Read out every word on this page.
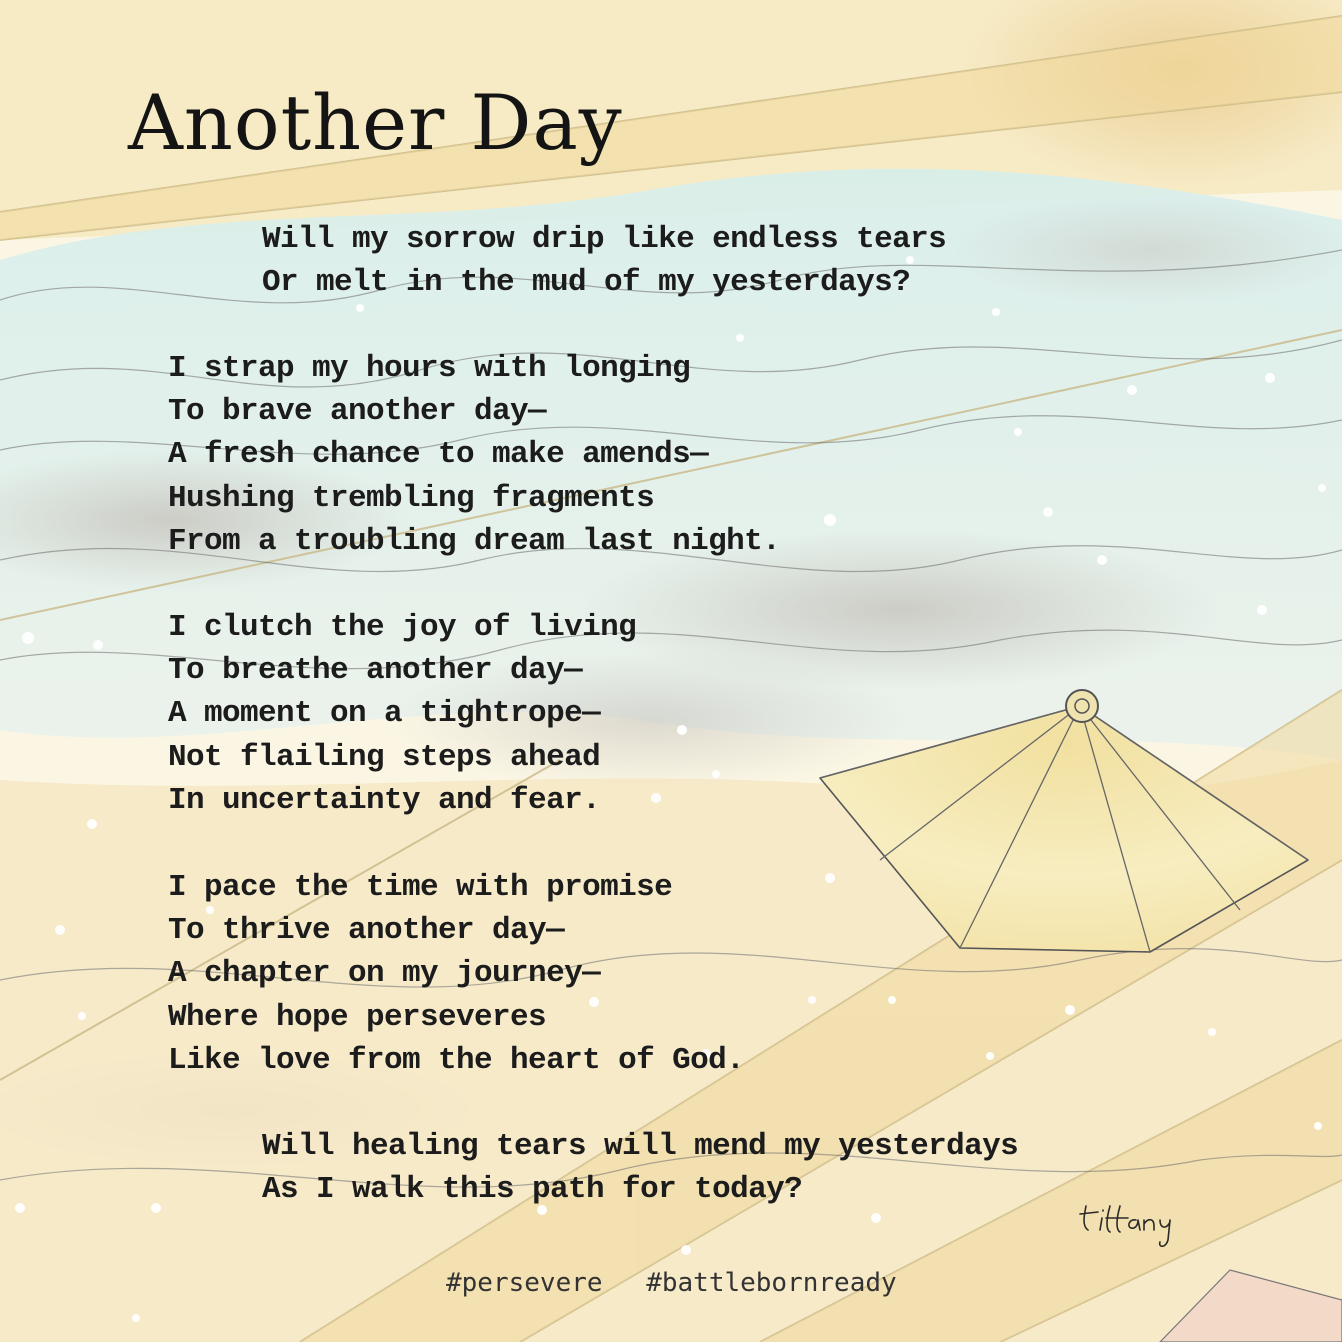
Another Day
Will my sorrow drip like endless tears
Or melt in the mud of my yesterdays?
I strap my hours with longing
To brave another day—
A fresh chance to make amends—
Hushing trembling fragments
From a troubling dream last night.
I clutch the joy of living
To breathe another day—
A moment on a tightrope—
Not flailing steps ahead
In uncertainty and fear.
I pace the time with promise
To thrive another day—
A chapter on my journey—
Where hope perseveres
Like love from the heart of God.
Will healing tears will mend my yesterdays
As I walk this path for today?
#persevere #battlebornready
